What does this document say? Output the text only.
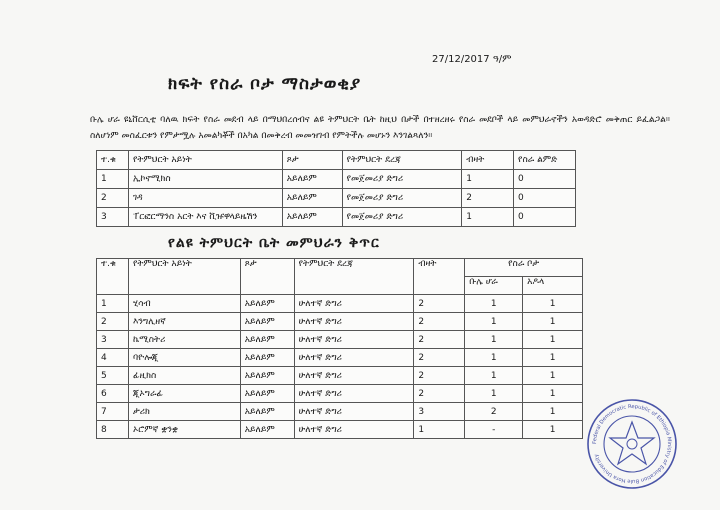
27/12/2017 ዓ/ም
ክፍት የስራ ቦታ ማስታወቂያ
ቡሌ ሆራ ዩኒቨርሲቲ ባለዉ ክፍት የስራ መደብ ላይ በማህበረሰብና ልዩ ትምህርት ቤት ከዚህ በታች በተዘረዘሩ የስራ መደቦች ላይ መምህራኖችን አወዳድሮ መቅጠር ይፈልጋል። ስለሆነም መስፈርቱን የምታሟሉ አመልካቾች በአካል በመቅረብ መመዝገብ የምትችሉ መሆኑን እንገልጻለን።
ተ.ቁ	የትምህርት አይነት	ጾታ	የትምህርት ደረጃ	ብዛት	የስራ ልምድ
1	ኢኮኖሚክስ	አይለይም	የመጀመሪያ ድግሪ	1	0
2	ገዳ	አይለይም	የመጀመሪያ ድግሪ	2	0
3	ፐርፎርማንስ አርት እና ቪዡዋላይዜሽን	አይለይም	የመጀመሪያ ድግሪ	1	0
የልዩ ትምህርት ቤት መምህራን ቅጥር
ተ.ቁ	የትምህርት አይነት	ጾታ	የትምህርት ደረጃ	ብዛት	የስራ ቦታ	
					ቡሌ ሆራ	አዶላ
1	ሂሳብ	አይለይም	ሁለተኛ ድግሪ	2	1	1
2	እንግሊዘኛ	አይለይም	ሁለተኛ ድግሪ	2	1	1
3	ኬሚስትሪ	አይለይም	ሁለተኛ ድግሪ	2	1	1
4	ባዮሎጂ	አይለይም	ሁለተኛ ድግሪ	2	1	1
5	ፊዚክስ	አይለይም	ሁለተኛ ድግሪ	2	1	1
6	ጂኦግራፊ	አይለይም	ሁለተኛ ድግሪ	2	1	1
7	ታሪክ	አይለይም	ሁለተኛ ድግሪ	3	2	1
8	ኦሮምኛ ቋንቋ	አይለይም	ሁለተኛ ድግሪ	1	-	1
Federal Democratic Republic of Ethiopia Ministry of Education Bule Hora University
